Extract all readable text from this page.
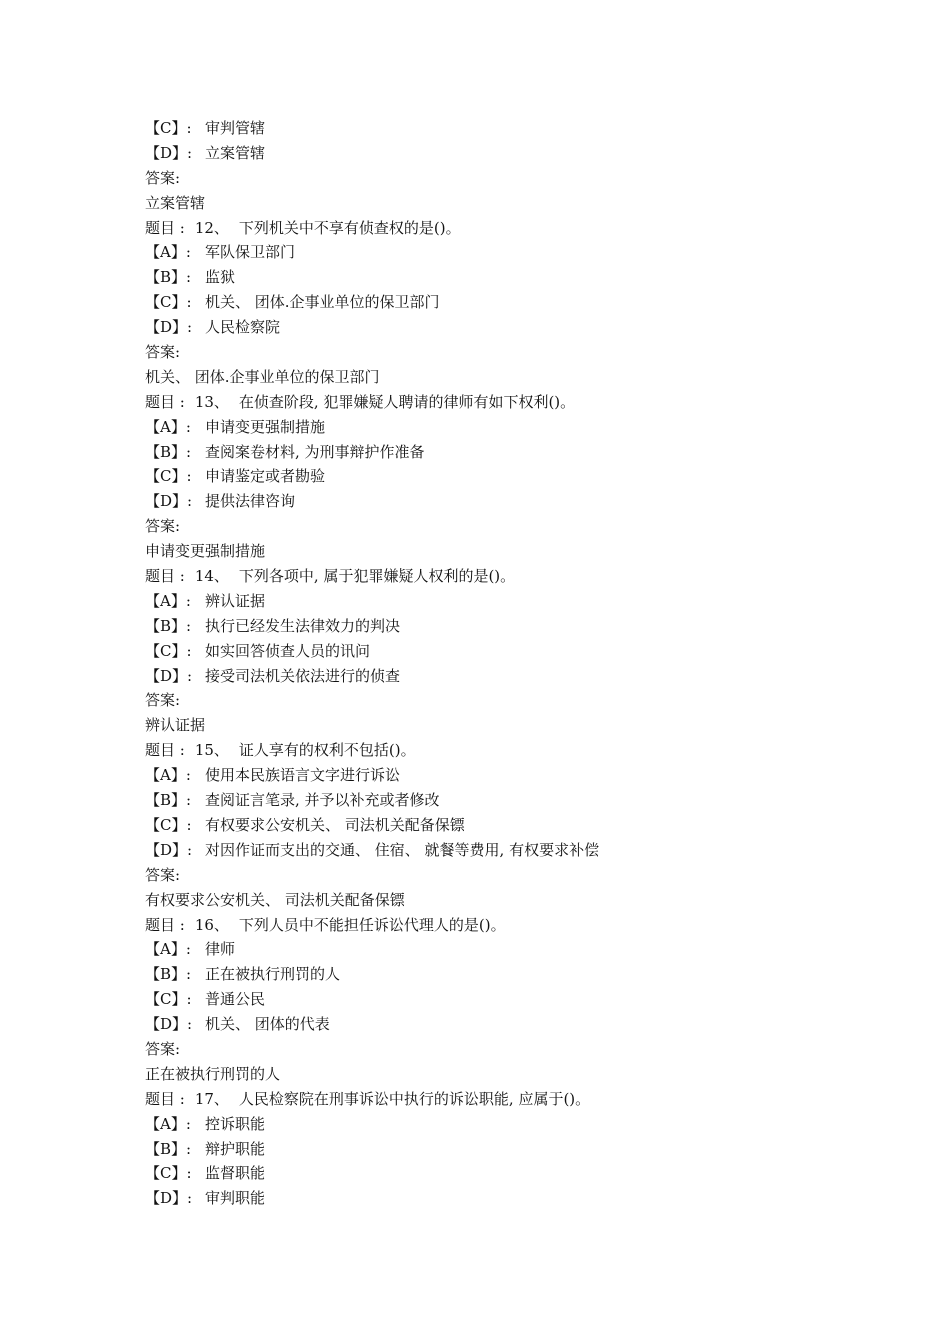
【C】: 审判管辖
【D】: 立案管辖
答案:
立案管辖
题目 : 12、 下列机关中不享有侦查权的是()。
【A】: 军队保卫部门
【B】: 监狱
【C】: 机关、 团体.企事业单位的保卫部门
【D】: 人民检察院
答案:
机关、 团体.企事业单位的保卫部门
题目 : 13、 在侦查阶段, 犯罪嫌疑人聘请的律师有如下权利()。
【A】: 申请变更强制措施
【B】: 查阅案卷材料, 为刑事辩护作准备
【C】: 申请鉴定或者勘验
【D】: 提供法律咨询
答案:
申请变更强制措施
题目 : 14、 下列各项中, 属于犯罪嫌疑人权利的是()。
【A】: 辨认证据
【B】: 执行已经发生法律效力的判决
【C】: 如实回答侦查人员的讯问
【D】: 接受司法机关依法进行的侦查
答案:
辨认证据
题目 : 15、 证人享有的权利不包括()。
【A】: 使用本民族语言文字进行诉讼
【B】: 查阅证言笔录, 并予以补充或者修改
【C】: 有权要求公安机关、 司法机关配备保镖
【D】: 对因作证而支出的交通、 住宿、 就餐等费用, 有权要求补偿
答案:
有权要求公安机关、 司法机关配备保镖
题目 : 16、 下列人员中不能担任诉讼代理人的是()。
【A】: 律师
【B】: 正在被执行刑罚的人
【C】: 普通公民
【D】: 机关、 团体的代表
答案:
正在被执行刑罚的人
题目 : 17、 人民检察院在刑事诉讼中执行的诉讼职能, 应属于()。
【A】: 控诉职能
【B】: 辩护职能
【C】: 监督职能
【D】: 审判职能
